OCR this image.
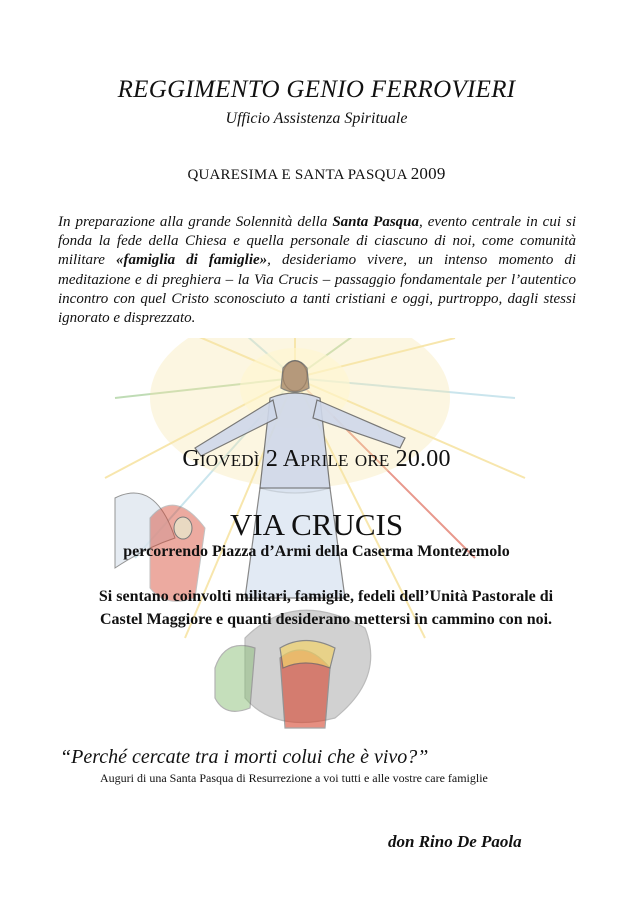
REGGIMENTO GENIO FERROVIERI
Ufficio Assistenza Spirituale
QUARESIMA E SANTA PASQUA 2009
In preparazione alla grande Solennità della Santa Pasqua, evento centrale in cui si fonda la fede della Chiesa e quella personale di ciascuno di noi, come comunità militare «famiglia di famiglie», desideriamo vivere, un intenso momento di meditazione e di preghiera – la Via Crucis – passaggio fondamentale per l’autentico incontro con quel Cristo sconosciuto a tanti cristiani e oggi, purtroppo, dagli stessi ignorato e disprezzato.
Giovedì 2 Aprile ore 20.00
VIA CRUCIS
percorrendo Piazza d’Armi della Caserma Montezemolo
Si sentano coinvolti militari, famiglie, fedeli dell’Unità Pastorale di Castel Maggiore e quanti desiderano mettersi in cammino con noi.
“Perché cercate tra i morti colui che è vivo?”
Auguri di una Santa Pasqua di Resurrezione a voi tutti e alle vostre care famiglie
don Rino De Paola
